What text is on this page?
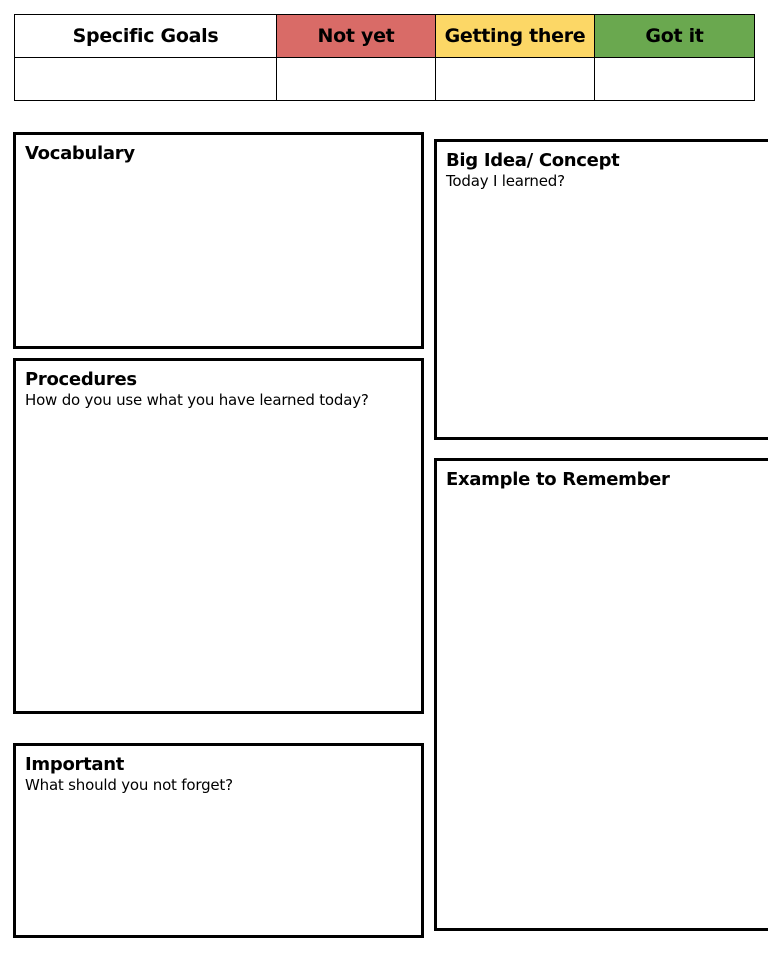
Specific Goals	Not yet	Getting there	Got it

Vocabulary
Procedures
How do you use what you have learned today?
Important
What should you not forget?
Big Idea/ Concept
Today I learned?
Example to Remember
